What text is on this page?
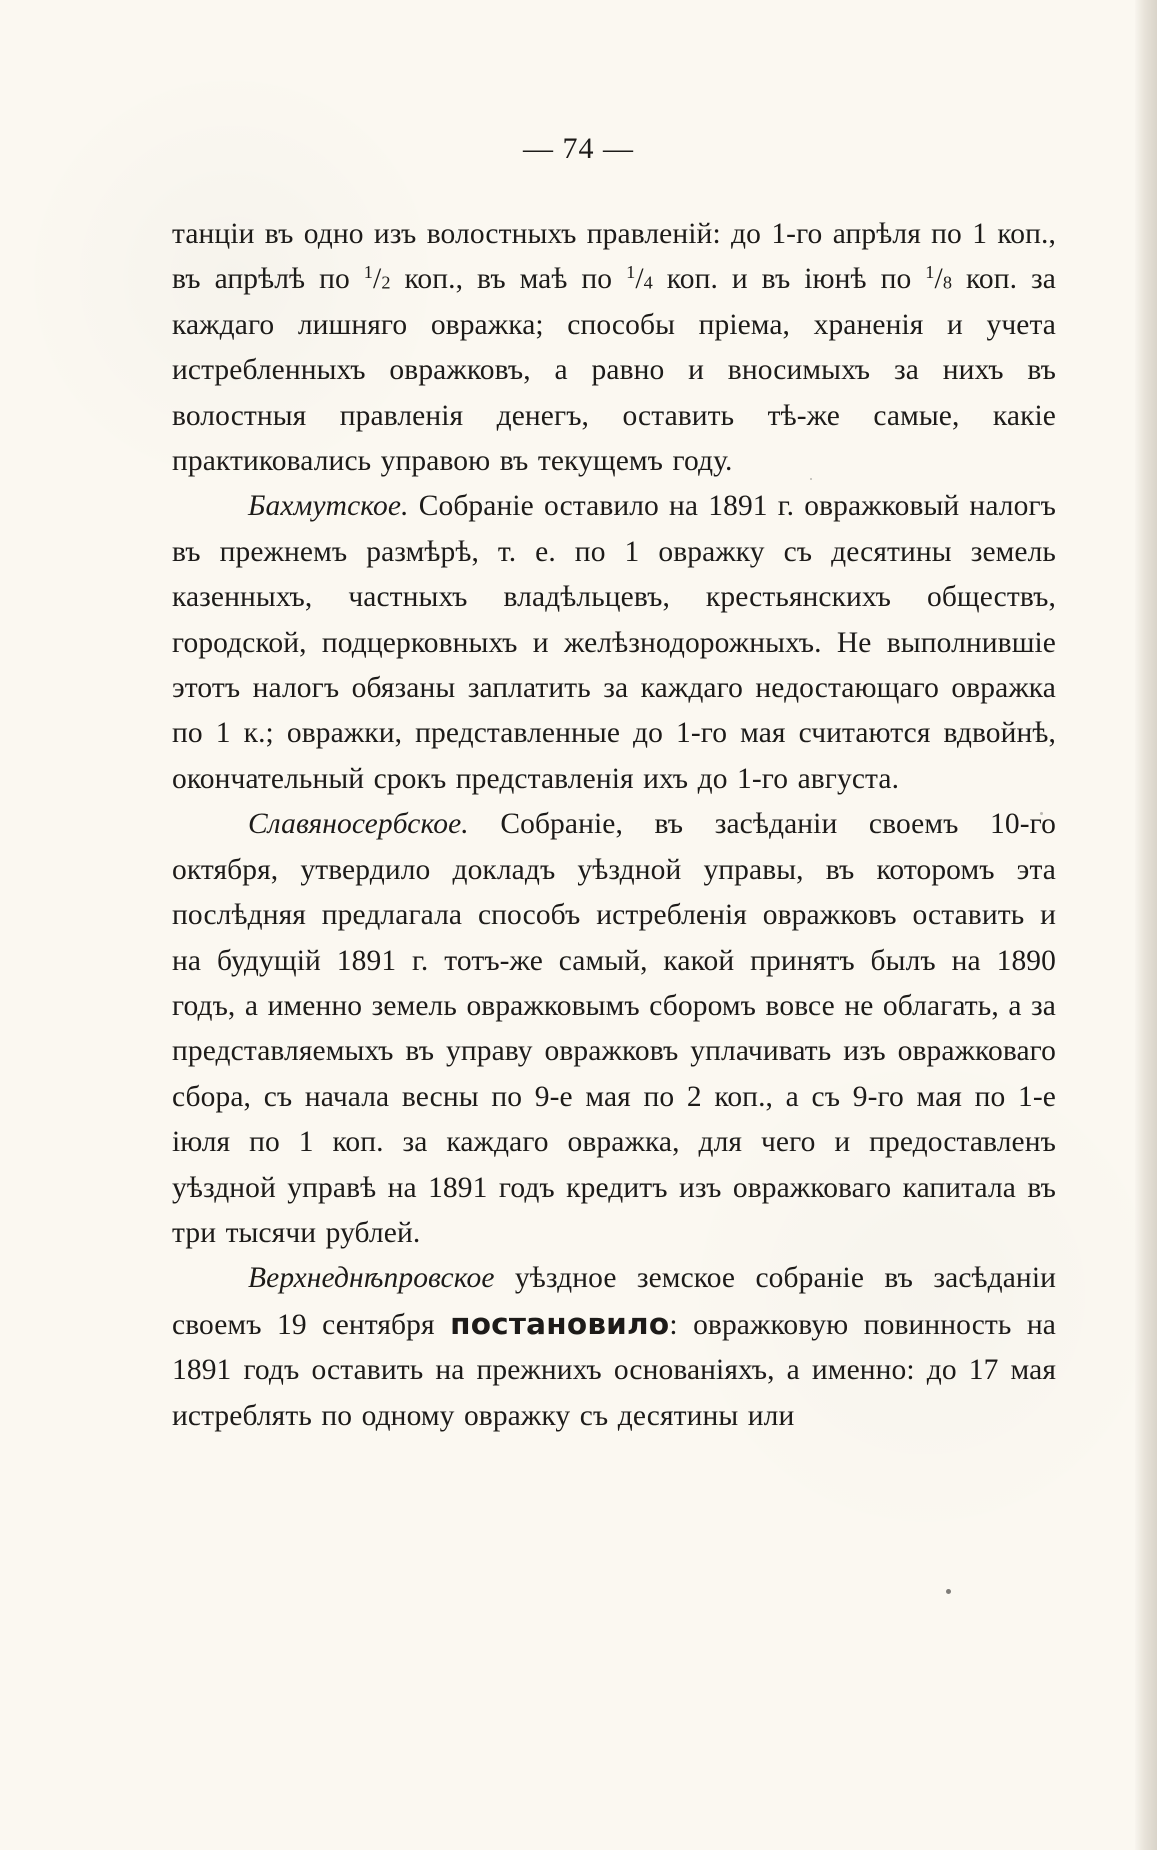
— 74 —

танціи въ одно изъ волостныхъ правленій: до 1-го апрѣля по 1 коп., въ апрѣлѣ по $^1/_2$ коп., въ маѣ по $^1/_4$ коп. и въ іюнѣ по $^1/_8$ коп. за каждаго лишняго овражка; способы пріема, храненія и учета истребленныхъ овражковъ, а равно и вносимыхъ за нихъ въ волостныя правленія денегъ, оставить тѣ-же самые, какіе практиковались управою въ текущемъ году.

Бахмутское. Собраніе оставило на 1891 г. овражковый налогъ въ прежнемъ размѣрѣ, т. е. по 1 овражку съ десятины земель казенныхъ, частныхъ владѣльцевъ, крестьянскихъ обществъ, городской, подцерковныхъ и желѣзнодорожныхъ. Не выполнившіе этотъ налогъ обязаны заплатить за каждаго недостающаго овражка по 1 к.; овражки, представленные до 1-го мая считаются вдвойнѣ, окончательный срокъ представленія ихъ до 1-го августа.

Славяносербское. Собраніе, въ засѣданіи своемъ 10-го октября, утвердило докладъ уѣздной управы, въ которомъ эта послѣдняя предлагала способъ истребленія овражковъ оставить и на будущій 1891 г. тотъ-же самый, какой принятъ былъ на 1890 годъ, а именно земель овражковымъ сборомъ вовсе не облагать, а за представляемыхъ въ управу овражковъ уплачивать изъ овражковаго сбора, съ начала весны по 9-е мая по 2 коп., а съ 9-го мая по 1-е іюля по 1 коп. за каждаго овражка, для чего и предоставленъ уѣздной управѣ на 1891 годъ кредитъ изъ овражковаго капитала въ три тысячи рублей.

Верхнеднѣпровское уѣздное земское собраніе въ засѣданіи своемъ 19 сентября постановило: овражковую повинность на 1891 годъ оставить на прежнихъ основаніяхъ, а именно: до 17 мая истреблять по одному овражку съ десятины или
